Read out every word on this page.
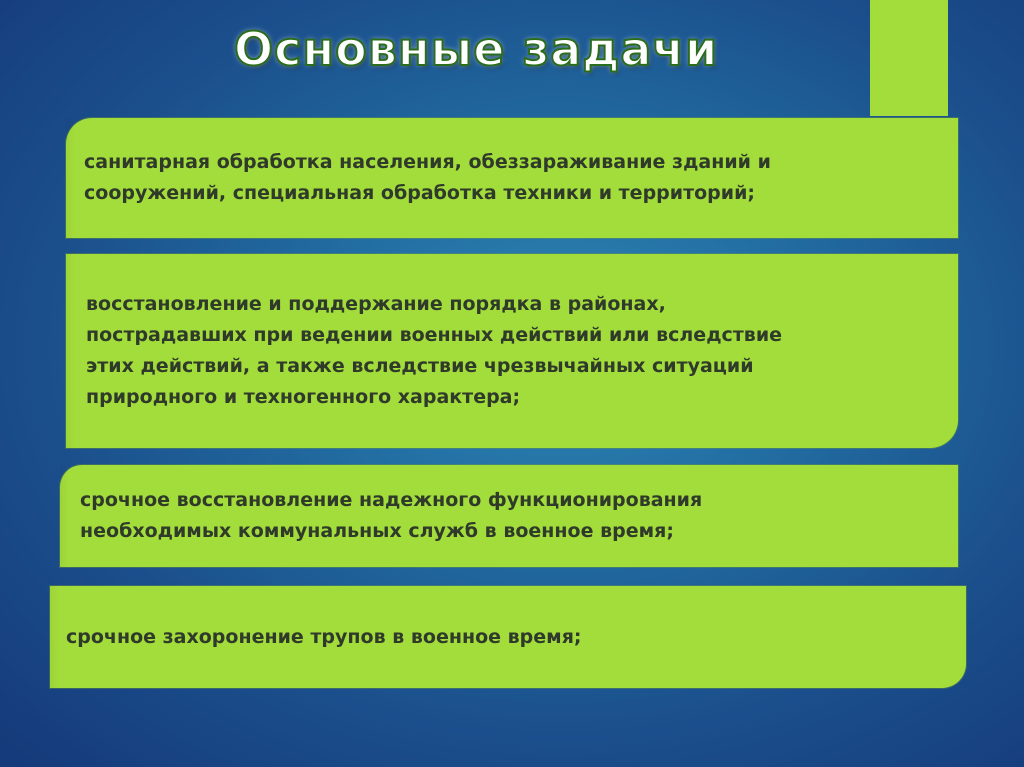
Основные задачи

санитарная обработка населения, обеззараживание зданий и
сооружений, специальная обработка техники и территорий;

восстановление и поддержание порядка в районах,
пострадавших при ведении военных действий или вследствие
этих действий, а также вследствие чрезвычайных ситуаций
природного и техногенного характера;

срочное восстановление надежного функционирования
необходимых коммунальных служб в военное время;

срочное захоронение трупов в военное время;
